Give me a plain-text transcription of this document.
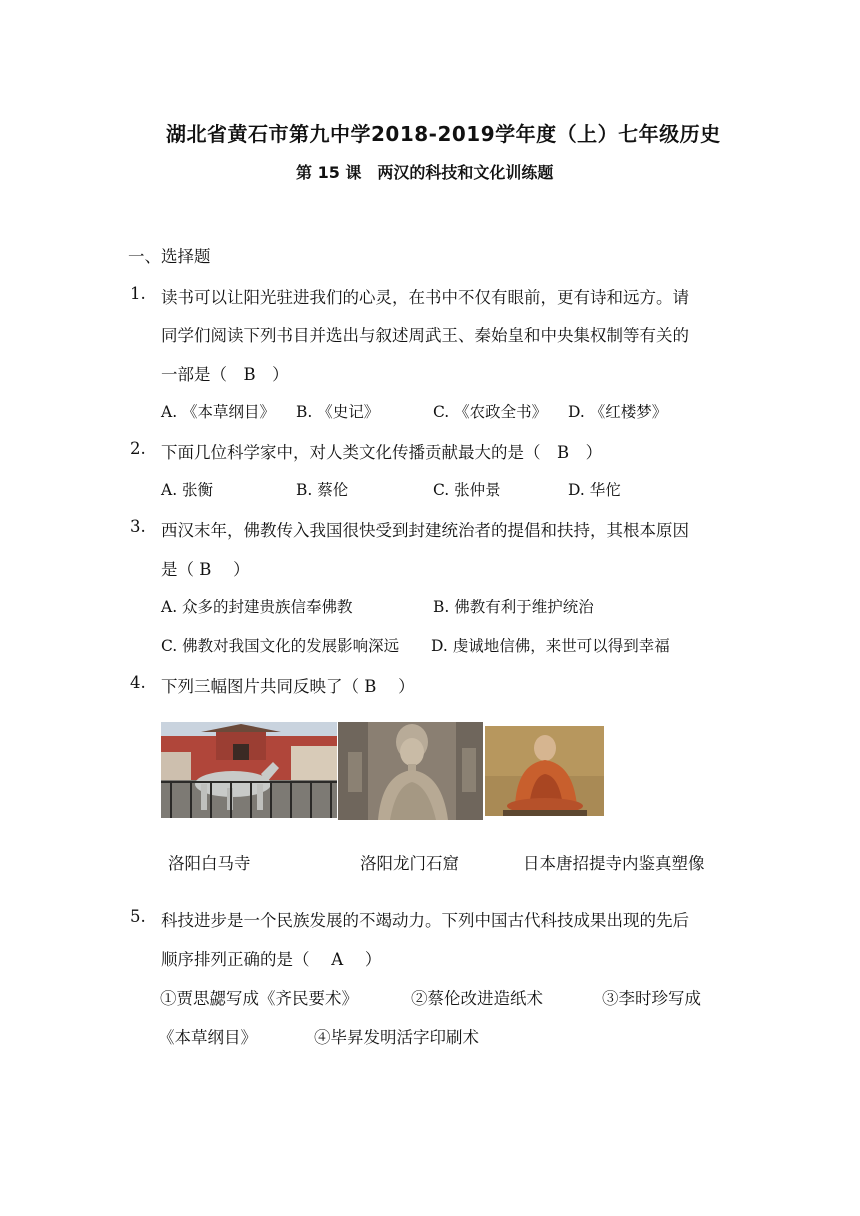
湖北省黄石市第九中学2018-2019学年度（上）七年级历史
第 15 课　两汉的科技和文化训练题
一、选择题
1. 读书可以让阳光驻进我们的心灵，在书中不仅有眼前，更有诗和远方。请
同学们阅读下列书目并选出与叙述周武王、秦始皇和中央集权制等有关的
一部是（　B　）
A. 《本草纲目》 B. 《史记》	C. 《农政全书》 D. 《红楼梦》
2. 下面几位科学家中，对人类文化传播贡献最大的是（　B　）
A. 张衡	B. 蔡伦	C. 张仲景	D. 华佗
3. 西汉末年，佛教传入我国很快受到封建统治者的提倡和扶持，其根本原因
是（ B　 ）
A. 众多的封建贵族信奉佛教	B. 佛教有利于维护统治
C. 佛教对我国文化的发展影响深远 D. 虔诚地信佛，来世可以得到幸福
4. 下列三幅图片共同反映了（ B　 ）
洛阳白马寺	洛阳龙门石窟	日本唐招提寺内鉴真塑像
5. 科技进步是一个民族发展的不竭动力。下列中国古代科技成果出现的先后
顺序排列正确的是（　 A　 ）
①贾思勰写成《齐民要术》	②蔡伦改进造纸术	③李时珍写成
《本草纲目》	④毕昇发明活字印刷术
